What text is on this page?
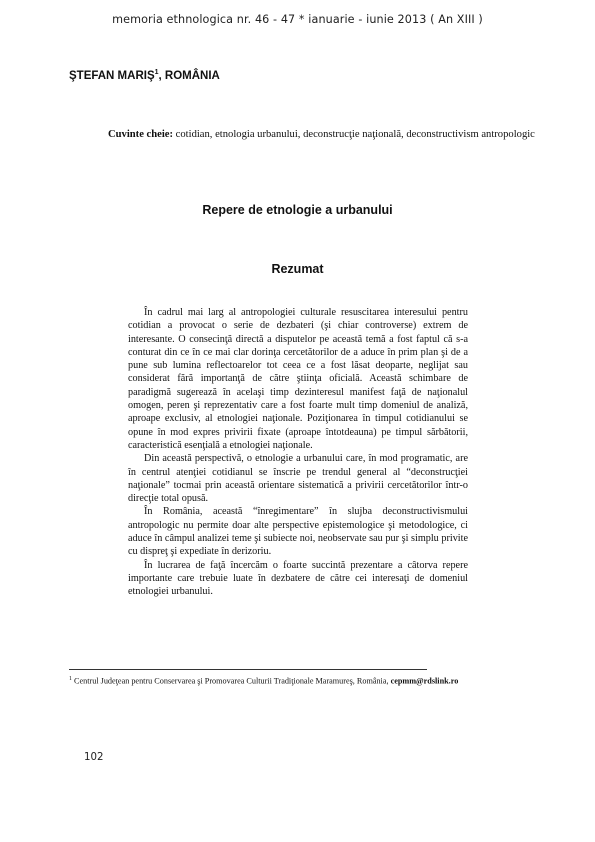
memoria ethnologica nr. 46 - 47 * ianuarie - iunie 2013 ( An XIII )
ŞTEFAN MARIŞ$^1$, ROMÂNIA
Cuvinte cheie: cotidian, etnologia urbanului, deconstrucţie naţională, deconstructivism antropologic
Repere de etnologie a urbanului
Rezumat

În cadrul mai larg al antropologiei culturale resuscitarea interesului pentru cotidian a provocat o serie de dezbateri (şi chiar controverse) extrem de interesante. O consecinţă directă a disputelor pe această temă a fost faptul că s-a conturat din ce în ce mai clar dorinţa cercetătorilor de a aduce în prim plan şi de a pune sub lumina reflectoarelor tot ceea ce a fost lăsat deoparte, neglijat sau considerat fără importanţă de către ştiinţa oficială. Această schimbare de paradigmă sugerează în acelaşi timp dezinteresul manifest faţă de naţionalul omogen, peren şi reprezentativ care a fost foarte mult timp domeniul de analiză, aproape exclusiv, al etnologiei naţionale. Poziţionarea în timpul cotidianului se opune în mod expres privirii fixate (aproape întotdeauna) pe timpul sărbătorii, caracteristică esenţială a etnologiei naţionale.

Din această perspectivă, o etnologie a urbanului care, în mod programatic, are în centrul atenţiei cotidianul se înscrie pe trendul general al “deconstrucţiei naţionale” tocmai prin această orientare sistematică a privirii cercetătorilor într-o direcţie total opusă.

În România, această “înregimentare” în slujba deconstructivismului antropologic nu permite doar alte perspective epistemologice şi metodologice, ci aduce în câmpul analizei teme şi subiecte noi, neobservate sau pur şi simplu privite cu dispreţ şi expediate în derizoriu.

În lucrarea de faţă încercăm o foarte succintă prezentare a câtorva repere importante care trebuie luate în dezbatere de către cei interesaţi de domeniul etnologiei urbanului.

$^1$ Centrul Judeţean pentru Conservarea şi Promovarea Culturii Tradiţionale Maramureş, România, cepmm@rdslink.ro
102
